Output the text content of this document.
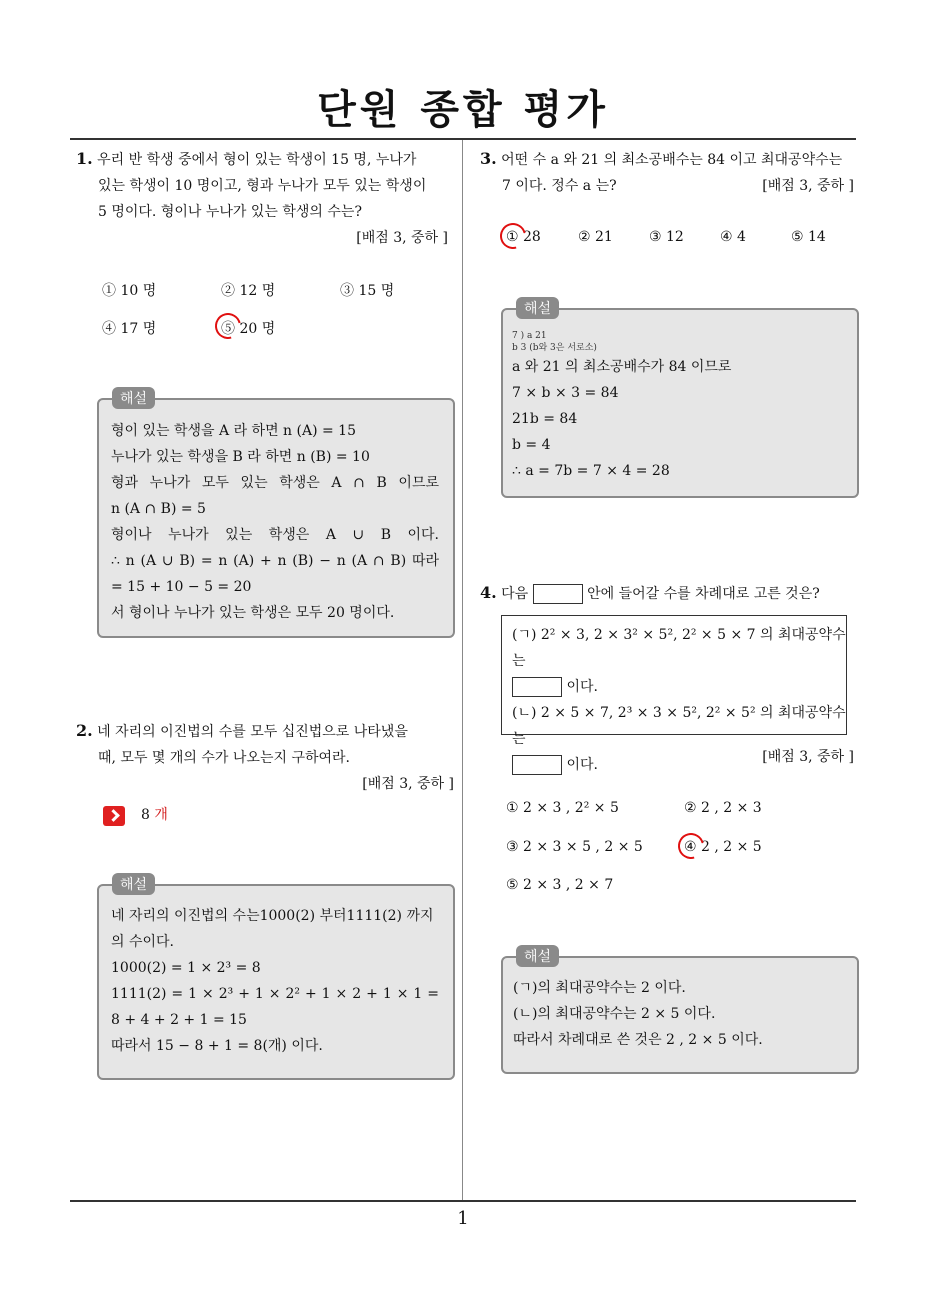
단원 종합 평가
1. 우리 반 학생 중에서 형이 있는 학생이 15 명, 누나가
있는 학생이 10 명이고, 형과 누나가 모두 있는 학생이
5 명이다. 형이나 누나가 있는 학생의 수는?
[배점 3, 중하 ]
① 10 명	② 12 명	③ 15 명
④ 17 명	⑤ 20 명
해설
형이 있는 학생을 A 라 하면 n (A) = 15
누나가 있는 학생을 B 라 하면 n (B) = 10
형과 누나가 모두 있는 학생은 A ∩ B 이므로
n (A ∩ B) = 5
형이나 누나가 있는 학생은 A ∪ B 이다.
∴ n (A ∪ B) = n (A) + n (B) − n (A ∩ B) 따라
= 15 + 10 − 5 = 20
서 형이나 누나가 있는 학생은 모두 20 명이다.
2. 네 자리의 이진법의 수를 모두 십진법으로 나타냈을
때, 모두 몇 개의 수가 나오는지 구하여라.
[배점 3, 중하 ]
8 개
해설
네 자리의 이진법의 수는1000(2) 부터1111(2) 까지
의 수이다.
1000(2) = 1 × 2³ = 8
1111(2) = 1 × 2³ + 1 × 2² + 1 × 2 + 1 × 1 =
8 + 4 + 2 + 1 = 15
따라서 15 − 8 + 1 = 8(개) 이다.
3. 어떤 수 a 와 21 의 최소공배수는 84 이고 최대공약수는
7 이다. 정수 a 는?	[배점 3, 중하 ]
① 28	② 21	③ 12	④ 4	⑤ 14
해설
7 ) a 21
b 3 (b와 3은 서로소)
a 와 21 의 최소공배수가 84 이므로
7 × b × 3 = 84
21b = 84
b = 4
∴ a = 7b = 7 × 4 = 28
4. 다음	안에 들어갈 수를 차례대로 고른 것은?
(ㄱ) 2² × 3, 2 × 3² × 5², 2² × 5 × 7 의 최대공약수는
이다.
(ㄴ) 2 × 5 × 7, 2³ × 3 × 5², 2² × 5² 의 최대공약수는
이다.	[배점 3, 중하 ]
① 2 × 3 , 2² × 5	② 2 , 2 × 3
③ 2 × 3 × 5 , 2 × 5	④ 2 , 2 × 5
⑤ 2 × 3 , 2 × 7
해설
(ㄱ)의 최대공약수는 2 이다.
(ㄴ)의 최대공약수는 2 × 5 이다.
따라서 차례대로 쓴 것은 2 , 2 × 5 이다.
1
